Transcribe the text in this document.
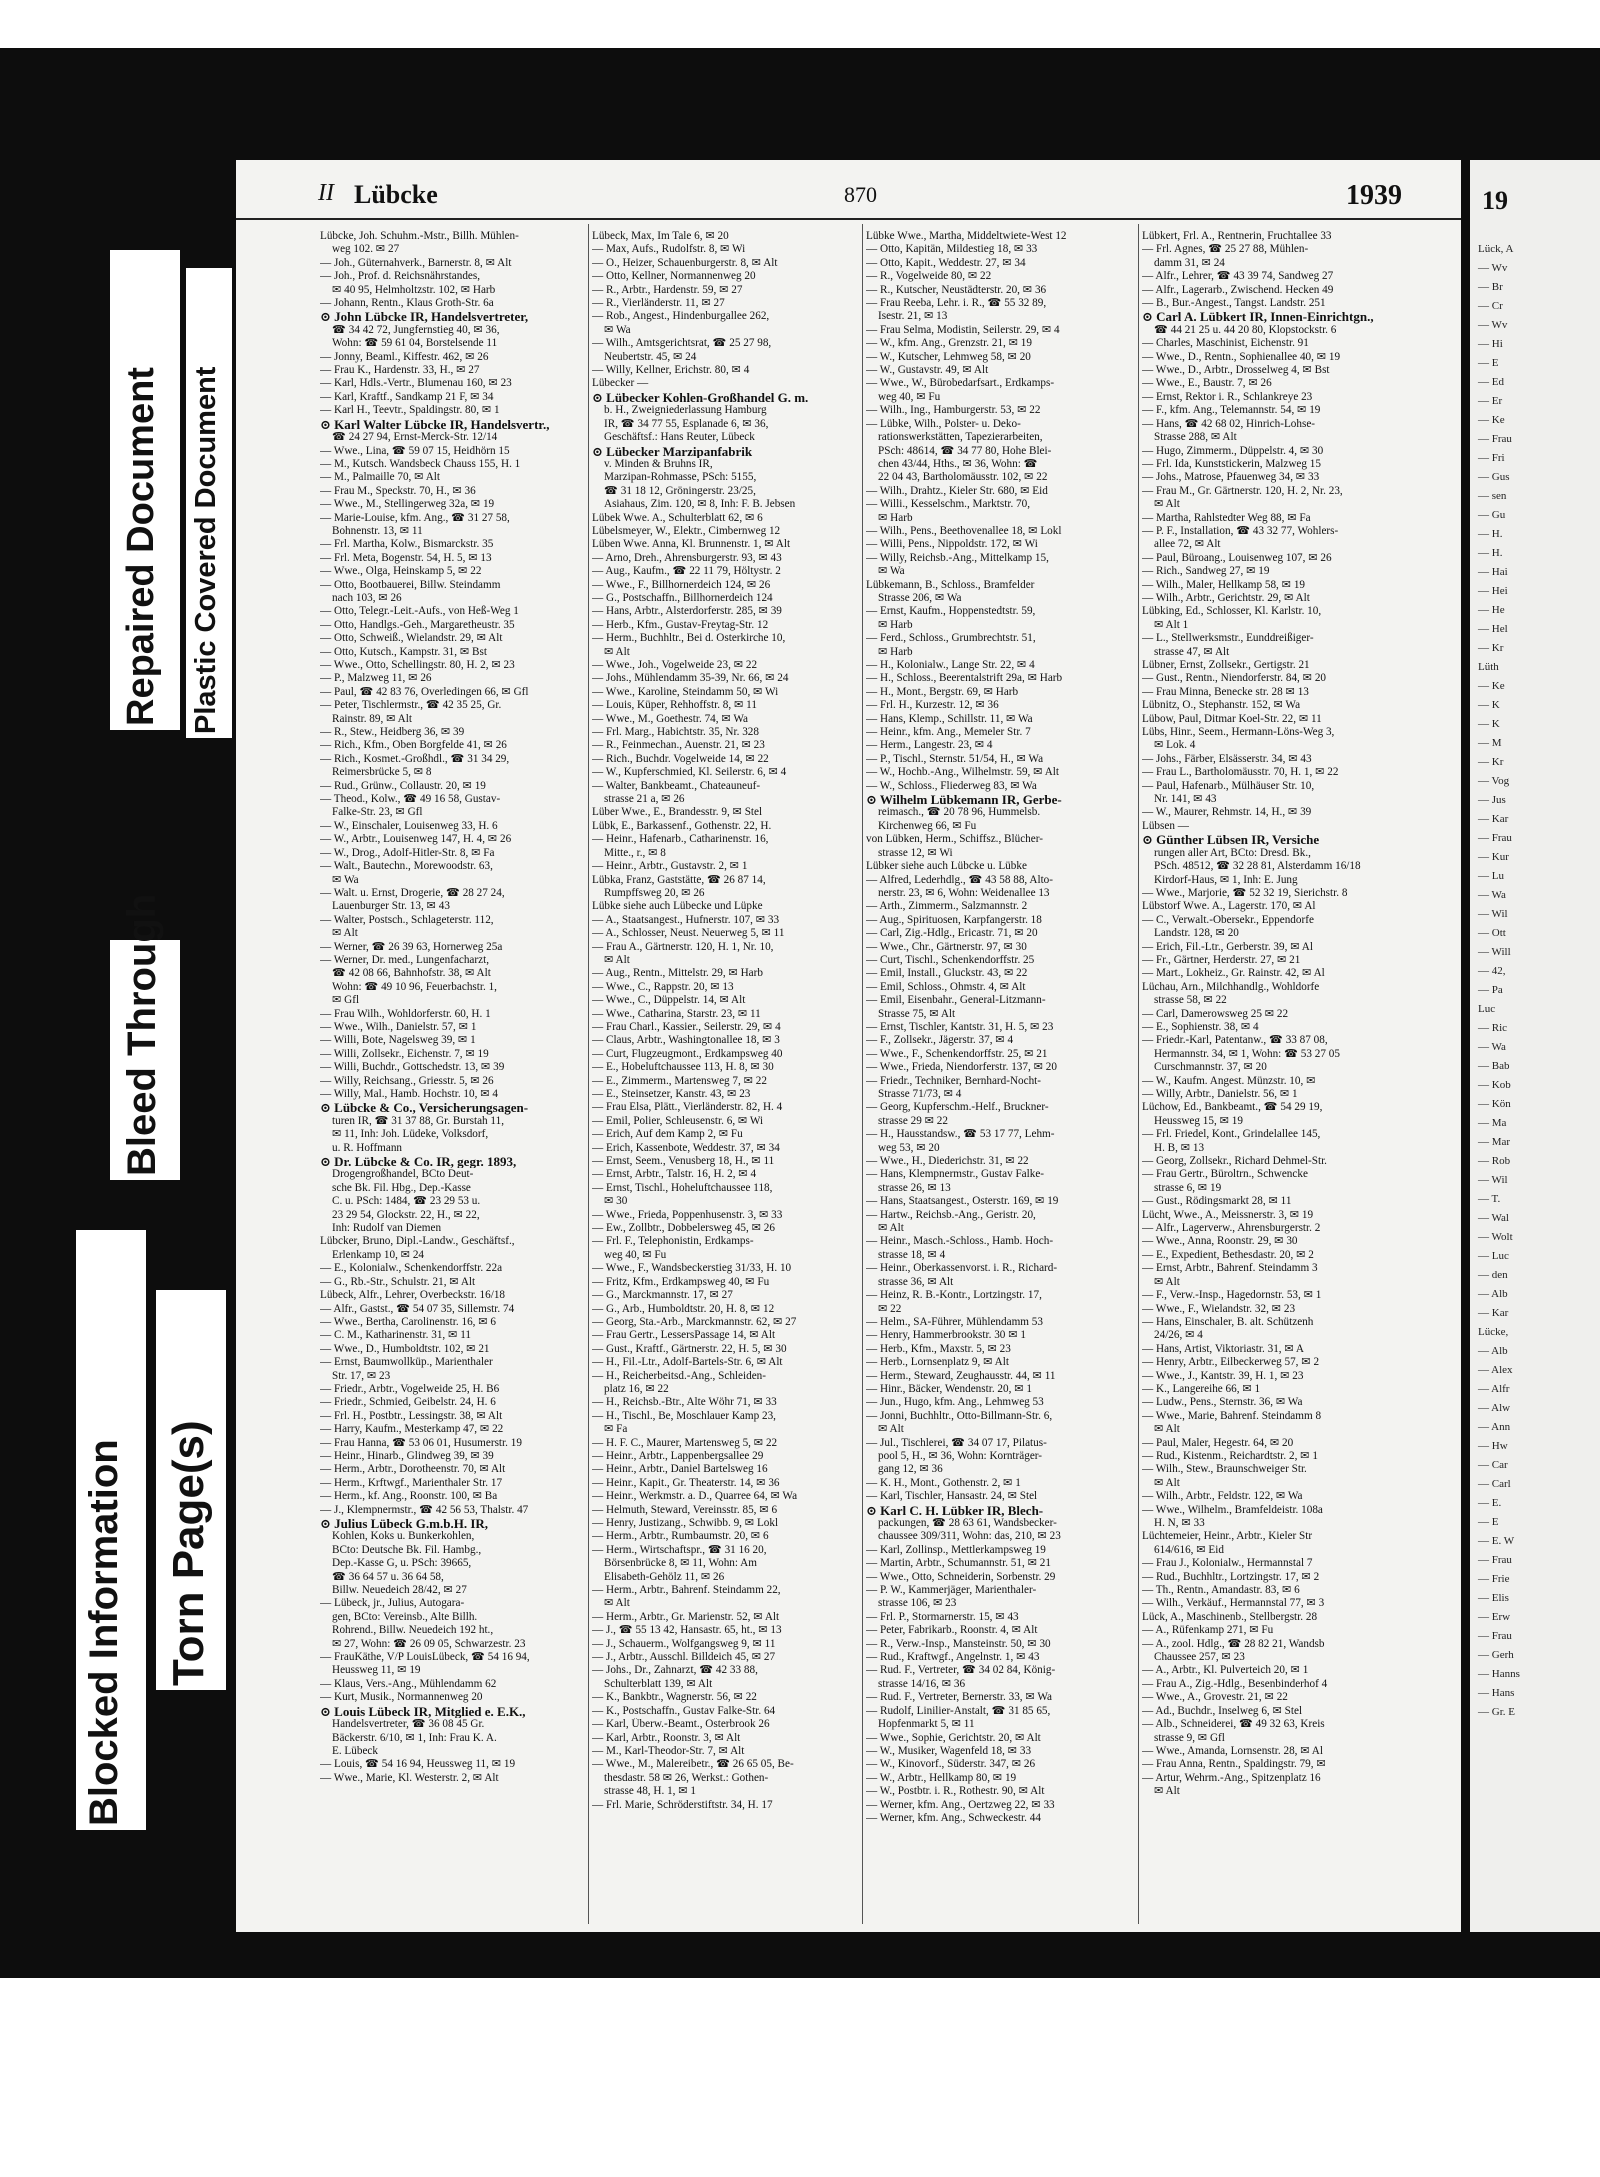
Blocked Information
Bleed Through
Repaired Document
Torn Page(s)
Plastic Covered Document
II Lübcke	870	1939
Lübcke, Joh. Schuhm.-Mstr., Billh. Mühlen-
weg 102. ✉ 27
— Joh., Güternahverk., Barnerstr. 8, ✉ Alt
— Joh., Prof. d. Reichsnährstandes,
✉ 40 95, Helmholtzstr. 102, ✉ Harb
— Johann, Rentn., Klaus Groth-Str. 6a
⊙ John Lübcke IR, Handelsvertreter,
☎ 34 42 72, Jungfernstieg 40, ✉ 36,
Wohn: ☎ 59 61 04, Borstelsende 11
— Jonny, Beaml., Kiffestr. 462, ✉ 26
— Frau K., Hardenstr. 33, H., ✉ 27
— Karl, Hdls.-Vertr., Blumenau 160, ✉ 23
— Karl, Kraftf., Sandkamp 21 F, ✉ 34
— Karl H., Teevtr., Spaldingstr. 80, ✉ 1
⊙ Karl Walter Lübcke IR, Handelsvertr.,
☎ 24 27 94, Ernst-Merck-Str. 12/14
— Wwe., Lina, ☎ 59 07 15, Heidhörn 15
— M., Kutsch. Wandsbeck Chauss 155, H. 1
— M., Palmaille 70, ✉ Alt
— Frau M., Speckstr. 70, H., ✉ 36
— Wwe., M., Stellingerweg 32a, ✉ 19
— Marie-Louise, kfm. Ang., ☎ 31 27 58,
Bohnenstr. 13, ✉ 11
— Frl. Martha, Kolw., Bismarckstr. 35
— Frl. Meta, Bogenstr. 54, H. 5, ✉ 13
— Wwe., Olga, Heinskamp 5, ✉ 22
— Otto, Bootbauerei, Billw. Steindamm
nach 103, ✉ 26
— Otto, Telegr.-Leit.-Aufs., von Heß-Weg 1
— Otto, Handlgs.-Geh., Margaretheustr. 35
— Otto, Schweiß., Wielandstr. 29, ✉ Alt
— Otto, Kutsch., Kampstr. 31, ✉ Bst
— Wwe., Otto, Schellingstr. 80, H. 2, ✉ 23
— P., Malzweg 11, ✉ 26
— Paul, ☎ 42 83 76, Overledingen 66, ✉ Gfl
— Peter, Tischlermstr., ☎ 42 35 25, Gr.
Rainstr. 89, ✉ Alt
— R., Stew., Heidberg 36, ✉ 39
— Rich., Kfm., Oben Borgfelde 41, ✉ 26
— Rich., Kosmet.-Großhdl., ☎ 31 34 29,
Reimersbrücke 5, ✉ 8
— Rud., Grünw., Collaustr. 20, ✉ 19
— Theod., Kolw., ☎ 49 16 58, Gustav-
Falke-Str. 23, ✉ Gfl
— W., Einschaler, Louisenweg 33, H. 6
— W., Arbtr., Louisenweg 147, H. 4, ✉ 26
— W., Drog., Adolf-Hitler-Str. 8, ✉ Fa
— Walt., Bautechn., Morewoodstr. 63,
✉ Wa
— Walt. u. Ernst, Drogerie, ☎ 28 27 24,
Lauenburger Str. 13, ✉ 43
— Walter, Postsch., Schlageterstr. 112,
✉ Alt
— Werner, ☎ 26 39 63, Hornerweg 25a
— Werner, Dr. med., Lungenfacharzt,
☎ 42 08 66, Bahnhofstr. 38, ✉ Alt
Wohn: ☎ 49 10 96, Feuerbachstr. 1,
✉ Gfl
— Frau Wilh., Wohldorferstr. 60, H. 1
— Wwe., Wilh., Danielstr. 57, ✉ 1
— Willi, Bote, Nagelsweg 39, ✉ 1
— Willi, Zollsekr., Eichenstr. 7, ✉ 19
— Willi, Buchdr., Gottschedstr. 13, ✉ 39
— Willy, Reichsang., Griesstr. 5, ✉ 26
— Willy, Mal., Hamb. Hochstr. 10, ✉ 4
⊙ Lübcke & Co., Versicherungsagen-
turen IR, ☎ 31 37 88, Gr. Burstah 11,
✉ 11, Inh: Joh. Lüdeke, Volksdorf,
u. R. Hoffmann
⊙ Dr. Lübcke & Co. IR, gegr. 1893,
Drogengroßhandel, BCto Deut-
sche Bk. Fil. Hbg., Dep.-Kasse
C. u. PSch: 1484, ☎ 23 29 53 u.
23 29 54, Glockstr. 22, H., ✉ 22,
Inh: Rudolf van Diemen
Lübcker, Bruno, Dipl.-Landw., Geschäftsf.,
Erlenkamp 10, ✉ 24
— E., Kolonialw., Schenkendorffstr. 22a
— G., Rb.-Str., Schulstr. 21, ✉ Alt
Lübeck, Alfr., Lehrer, Overbeckstr. 16/18
— Alfr., Gastst., ☎ 54 07 35, Sillemstr. 74
— Wwe., Bertha, Carolinenstr. 16, ✉ 6
— C. M., Katharinenstr. 31, ✉ 11
— Wwe., D., Humboldtstr. 102, ✉ 21
— Ernst, Baumwollküp., Marienthaler
Str. 17, ✉ 23
— Friedr., Arbtr., Vogelweide 25, H. B6
— Friedr., Schmied, Geibelstr. 24, H. 6
— Frl. H., Postbtr., Lessingstr. 38, ✉ Alt
— Harry, Kaufm., Mesterkamp 47, ✉ 22
— Frau Hanna, ☎ 53 06 01, Husumerstr. 19
— Heinr., Hinarb., Glindweg 39, ✉ 39
— Herm., Arbtr., Dorotheenstr. 70, ✉ Alt
— Herm., Krftwgf., Marienthaler Str. 17
— Herm., kf. Ang., Roonstr. 100, ✉ Ba
— J., Klempnermstr., ☎ 42 56 53, Thalstr. 47
⊙ Julius Lübeck G.m.b.H. IR,
Kohlen, Koks u. Bunkerkohlen,
BCto: Deutsche Bk. Fil. Hambg.,
Dep.-Kasse G, u. PSch: 39665,
☎ 36 64 57 u. 36 64 58,
Billw. Neuedeich 28/42, ✉ 27
— Lübeck, jr., Julius, Autogara-
gen, BCto: Vereinsb., Alte Billh.
Rohrend., Billw. Neuedeich 192 ht.,
✉ 27, Wohn: ☎ 26 09 05, Schwarzestr. 23
— FrauKäthe, V/P LouisLübeck, ☎ 54 16 94,
Heussweg 11, ✉ 19
— Klaus, Vers.-Ang., Mühlendamm 62
— Kurt, Musik., Normannenweg 20
⊙ Louis Lübeck IR, Mitglied e. E.K.,
Handelsvertreter, ☎ 36 08 45 Gr.
Bäckerstr. 6/10, ✉ 1, Inh: Frau K. A.
E. Lübeck
— Louis, ☎ 54 16 94, Heussweg 11, ✉ 19
— Wwe., Marie, Kl. Westerstr. 2, ✉ Alt
Lübeck, Max, Im Tale 6, ✉ 20
— Max, Aufs., Rudolfstr. 8, ✉ Wi
— O., Heizer, Schauenburgerstr. 8, ✉ Alt
— Otto, Kellner, Normannenweg 20
— R., Arbtr., Hardenstr. 59, ✉ 27
— R., Vierländerstr. 11, ✉ 27
— Rob., Angest., Hindenburgallee 262,
✉ Wa
— Wilh., Amtsgerichtsrat, ☎ 25 27 98,
Neubertstr. 45, ✉ 24
— Willy, Kellner, Erichstr. 80, ✉ 4
Lübecker —
⊙ Lübecker Kohlen-Großhandel G. m.
b. H., Zweigniederlassung Hamburg
IR, ☎ 34 77 55, Esplanade 6, ✉ 36,
Geschäftsf.: Hans Reuter, Lübeck
⊙ Lübecker Marzipanfabrik
v. Minden & Bruhns IR,
Marzipan-Rohmasse, PSch: 5155,
☎ 31 18 12, Gröningerstr. 23/25,
Asiahaus, Zim. 120, ✉ 8, Inh: F. B. Jebsen
Lübek Wwe. A., Schulterblatt 62, ✉ 6
Lübelsmeyer, W., Elektr., Cimbernweg 12
Lüben Wwe. Anna, Kl. Brunnenstr. 1, ✉ Alt
— Arno, Dreh., Ahrensburgerstr. 93, ✉ 43
— Aug., Kaufm., ☎ 22 11 79, Höltystr. 2
— Wwe., F., Billhornerdeich 124, ✉ 26
— G., Postschaffn., Billhornerdeich 124
— Hans, Arbtr., Alsterdorferstr. 285, ✉ 39
— Herb., Kfm., Gustav-Freytag-Str. 12
— Herm., Buchhltr., Bei d. Osterkirche 10,
✉ Alt
— Wwe., Joh., Vogelweide 23, ✉ 22
— Johs., Mühlendamm 35-39, Nr. 66, ✉ 24
— Wwe., Karoline, Steindamm 50, ✉ Wi
— Louis, Küper, Rehhoffstr. 8, ✉ 11
— Wwe., M., Goethestr. 74, ✉ Wa
— Frl. Marg., Habichtstr. 35, Nr. 328
— R., Feinmechan., Auenstr. 21, ✉ 23
— Rich., Buchdr. Vogelweide 14, ✉ 22
— W., Kupferschmied, Kl. Seilerstr. 6, ✉ 4
— Walter, Bankbeamt., Chateauneuf-
strasse 21 a, ✉ 26
Lüber Wwe., E., Brandesstr. 9, ✉ Stel
Lübk, E., Barkassenf., Gothenstr. 22, H.
— Heinr., Hafenarb., Catharinenstr. 16,
Mitte., r., ✉ 8
— Heinr., Arbtr., Gustavstr. 2, ✉ 1
Lübka, Franz, Gaststätte, ☎ 26 87 14,
Rumpffsweg 20, ✉ 26
Lübke siehe auch Lübecke und Lüpke
— A., Staatsangest., Hufnerstr. 107, ✉ 33
— A., Schlosser, Neust. Neuerweg 5, ✉ 11
— Frau A., Gärtnerstr. 120, H. 1, Nr. 10,
✉ Alt
— Aug., Rentn., Mittelstr. 29, ✉ Harb
— Wwe., C., Rappstr. 20, ✉ 13
— Wwe., C., Düppelstr. 14, ✉ Alt
— Wwe., Catharina, Starstr. 23, ✉ 11
— Frau Charl., Kassier., Seilerstr. 29, ✉ 4
— Claus, Arbtr., Washingtonallee 18, ✉ 3
— Curt, Flugzeugmont., Erdkampsweg 40
— E., Hobeluftchaussee 113, H. 8, ✉ 30
— E., Zimmerm., Martensweg 7, ✉ 22
— E., Steinsetzer, Kanstr. 43, ✉ 23
— Frau Elsa, Plätt., Vierländerstr. 82, H. 4
— Emil, Polier, Schleusenstr. 6, ✉ Wi
— Erich, Auf dem Kamp 2, ✉ Fu
— Erich, Kassenbote, Weddestr. 37, ✉ 34
— Ernst, Seem., Venusberg 18, H., ✉ 11
— Ernst, Arbtr., Talstr. 16, H. 2, ✉ 4
— Ernst, Tischl., Hoheluftchaussee 118,
✉ 30
— Wwe., Frieda, Poppenhusenstr. 3, ✉ 33
— Ew., Zollbtr., Dobbelersweg 45, ✉ 26
— Frl. F., Telephonistin, Erdkamps-
weg 40, ✉ Fu
— Wwe., F., Wandsbeckerstieg 31/33, H. 10
— Fritz, Kfm., Erdkampsweg 40, ✉ Fu
— G., Marckmannstr. 17, ✉ 27
— G., Arb., Humboldtstr. 20, H. 8, ✉ 12
— Georg, Sta.-Arb., Marckmannstr. 62, ✉ 27
— Frau Gertr., LessersPassage 14, ✉ Alt
— Gust., Kraftf., Gärtnerstr. 22, H. 5, ✉ 30
— H., Fil.-Ltr., Adolf-Bartels-Str. 6, ✉ Alt
— H., Reicherbeitsd.-Ang., Schleiden-
platz 16, ✉ 22
— H., Reichsb.-Btr., Alte Wöhr 71, ✉ 33
— H., Tischl., Be, Moschlauer Kamp 23,
✉ Fa
— H. F. C., Maurer, Martensweg 5, ✉ 22
— Heinr., Arbtr., Lappenbergsallee 29
— Heinr., Arbtr., Daniel Bartelsweg 16
— Heinr., Kapit., Gr. Theaterstr. 14, ✉ 36
— Heinr., Werkmstr. a. D., Quarree 64, ✉ Wa
— Helmuth, Steward, Vereinsstr. 85, ✉ 6
— Henry, Justizang., Schwibb. 9, ✉ Lokl
— Herm., Arbtr., Rumbaumstr. 20, ✉ 6
— Herm., Wirtschaftspr., ☎ 31 16 20,
Börsenbrücke 8, ✉ 11, Wohn: Am
Elisabeth-Gehölz 11, ✉ 26
— Herm., Arbtr., Bahrenf. Steindamm 22,
✉ Alt
— Herm., Arbtr., Gr. Marienstr. 52, ✉ Alt
— J., ☎ 55 13 42, Hansastr. 65, ht., ✉ 13
— J., Schauerm., Wolfgangsweg 9, ✉ 11
— J., Arbtr., Ausschl. Billdeich 45, ✉ 27
— Johs., Dr., Zahnarzt, ☎ 42 33 88,
Schulterblatt 139, ✉ Alt
— K., Bankbtr., Wagnerstr. 56, ✉ 22
— K., Postschaffn., Gustav Falke-Str. 64
— Karl, Überw.-Beamt., Osterbrook 26
— Karl, Arbtr., Roonstr. 3, ✉ Alt
— M., Karl-Theodor-Str. 7, ✉ Alt
— Wwe., M., Malereibetr., ☎ 26 65 05, Be-
thesdastr. 58 ✉ 26, Werkst.: Gothen-
strasse 48, H. 1, ✉ 1
— Frl. Marie, Schröderstiftstr. 34, H. 17
Lübke Wwe., Martha, Middeltwiete-West 12
— Otto, Kapitän, Mildestieg 18, ✉ 33
— Otto, Kapit., Weddestr. 27, ✉ 34
— R., Vogelweide 80, ✉ 22
— R., Kutscher, Neustädterstr. 20, ✉ 36
— Frau Reeba, Lehr. i. R., ☎ 55 32 89,
Isestr. 21, ✉ 13
— Frau Selma, Modistin, Seilerstr. 29, ✉ 4
— W., kfm. Ang., Grenzstr. 21, ✉ 19
— W., Kutscher, Lehmweg 58, ✉ 20
— W., Gustavstr. 49, ✉ Alt
— Wwe., W., Bürobedarfsart., Erdkamps-
weg 40, ✉ Fu
— Wilh., Ing., Hamburgerstr. 53, ✉ 22
— Lübke, Wilh., Polster- u. Deko-
rationswerkstätten, Tapezierarbeiten,
PSch: 48614, ☎ 34 77 80, Hohe Blei-
chen 43/44, Hths., ✉ 36, Wohn: ☎
22 04 43, Bartholomäusstr. 102, ✉ 22
— Wilh., Drahtz., Kieler Str. 680, ✉ Eid
— Willi., Kesselschm., Marktstr. 70,
✉ Harb
— Wilh., Pens., Beethovenallee 18, ✉ Lokl
— Willi, Pens., Nippoldstr. 172, ✉ Wi
— Willy, Reichsb.-Ang., Mittelkamp 15,
✉ Wa
Lübkemann, B., Schloss., Bramfelder
Strasse 206, ✉ Wa
— Ernst, Kaufm., Hoppenstedtstr. 59,
✉ Harb
— Ferd., Schloss., Grumbrechtstr. 51,
✉ Harb
— H., Kolonialw., Lange Str. 22, ✉ 4
— H., Schloss., Beerentalstrift 29a, ✉ Harb
— H., Mont., Bergstr. 69, ✉ Harb
— Frl. H., Kurzestr. 12, ✉ 36
— Hans, Klemp., Schillstr. 11, ✉ Wa
— Heinr., kfm. Ang., Memeler Str. 7
— Herm., Langestr. 23, ✉ 4
— P., Tischl., Sternstr. 51/54, H., ✉ Wa
— W., Hochb.-Ang., Wilhelmstr. 59, ✉ Alt
— W., Schloss., Fliederweg 83, ✉ Wa
⊙ Wilhelm Lübkemann IR, Gerbe-
reimasch., ☎ 20 78 96, Hummelsb.
Kirchenweg 66, ✉ Fu
von Lübken, Herm., Schiffsz., Blücher-
strasse 12, ✉ Wi
Lübker siehe auch Lübcke u. Lübke
— Alfred, Lederhdlg., ☎ 43 58 88, Alto-
nerstr. 23, ✉ 6, Wohn: Weidenallee 13
— Arth., Zimmerm., Salzmannstr. 2
— Aug., Spirituosen, Karpfangerstr. 18
— Carl, Zig.-Hdlg., Ericastr. 71, ✉ 20
— Wwe., Chr., Gärtnerstr. 97, ✉ 30
— Curt, Tischl., Schenkendorffstr. 25
— Emil, Install., Gluckstr. 43, ✉ 22
— Emil, Schloss., Ohmstr. 4, ✉ Alt
— Emil, Eisenbahr., General-Litzmann-
Strasse 75, ✉ Alt
— Ernst, Tischler, Kantstr. 31, H. 5, ✉ 23
— F., Zollsekr., Jägerstr. 37, ✉ 4
— Wwe., F., Schenkendorffstr. 25, ✉ 21
— Wwe., Frieda, Niendorferstr. 137, ✉ 20
— Friedr., Techniker, Bernhard-Nocht-
Strasse 71/73, ✉ 4
— Georg, Kupferschm.-Helf., Bruckner-
strasse 29 ✉ 22
— H., Hausstandsw., ☎ 53 17 77, Lehm-
weg 53, ✉ 20
— Wwe., H., Diederichstr. 31, ✉ 22
— Hans, Klempnermstr., Gustav Falke-
strasse 26, ✉ 13
— Hans, Staatsangest., Osterstr. 169, ✉ 19
— Hartw., Reichsb.-Ang., Geristr. 20,
✉ Alt
— Heinr., Masch.-Schloss., Hamb. Hoch-
strasse 18, ✉ 4
— Heinr., Oberkassenvorst. i. R., Richard-
strasse 36, ✉ Alt
— Heinz, R. B.-Kontr., Lortzingstr. 17,
✉ 22
— Helm., SA-Führer, Mühlendamm 53
— Henry, Hammerbrookstr. 30 ✉ 1
— Herb., Kfm., Maxstr. 5, ✉ 23
— Herb., Lornsenplatz 9, ✉ Alt
— Herm., Steward, Zeughausstr. 44, ✉ 11
— Hinr., Bäcker, Wendenstr. 20, ✉ 1
— Jun., Hugo, kfm. Ang., Lehmweg 53
— Jonni, Buchhltr., Otto-Billmann-Str. 6,
✉ Alt
— Jul., Tischlerei, ☎ 34 07 17, Pilatus-
pool 5, H., ✉ 36, Wohn: Kornträger-
gang 12, ✉ 36
— K. H., Mont., Gothenstr. 2, ✉ 1
— Karl, Tischler, Hansastr. 24, ✉ Stel
⊙ Karl C. H. Lübker IR, Blech-
packungen, ☎ 28 63 61, Wandsbecker-
chaussee 309/311, Wohn: das, 210, ✉ 23
— Karl, Zollinsp., Mettlerkampsweg 19
— Martin, Arbtr., Schumannstr. 51, ✉ 21
— Wwe., Otto, Schneiderin, Sorbenstr. 29
— P. W., Kammerjäger, Marienthaler-
strasse 106, ✉ 23
— Frl. P., Stormarnerstr. 15, ✉ 43
— Peter, Fabrikarb., Roonstr. 4, ✉ Alt
— R., Verw.-Insp., Mansteinstr. 50, ✉ 30
— Rud., Kraftwgf., Angelnstr. 1, ✉ 43
— Rud. F., Vertreter, ☎ 34 02 84, König-
strasse 14/16, ✉ 36
— Rud. F., Vertreter, Bernerstr. 33, ✉ Wa
— Rudolf, Linilier-Anstalt, ☎ 31 85 65,
Hopfenmarkt 5, ✉ 11
— Wwe., Sophie, Gerichtstr. 20, ✉ Alt
— W., Musiker, Wagenfeld 18, ✉ 33
— W., Kinovorf., Süderstr. 347, ✉ 26
— W., Arbtr., Hellkamp 80, ✉ 19
— W., Postbtr. i. R., Rothestr. 90, ✉ Alt
— Werner, kfm. Ang., Oertzweg 22, ✉ 33
— Werner, kfm. Ang., Schweckestr. 44
Lübkert, Frl. A., Rentnerin, Fruchtallee 33
— Frl. Agnes, ☎ 25 27 88, Mühlen-
damm 31, ✉ 24
— Alfr., Lehrer, ☎ 43 39 74, Sandweg 27
— Alfr., Lagerarb., Zwischend. Hecken 49
— B., Bur.-Angest., Tangst. Landstr. 251
⊙ Carl A. Lübkert IR, Innen-Einrichtgn.,
☎ 44 21 25 u. 44 20 80, Klopstockstr. 6
— Charles, Maschinist, Eichenstr. 91
— Wwe., D., Rentn., Sophienallee 40, ✉ 19
— Wwe., D., Arbtr., Drosselweg 4, ✉ Bst
— Wwe., E., Baustr. 7, ✉ 26
— Ernst, Rektor i. R., Schlankreye 23
— F., kfm. Ang., Telemannstr. 54, ✉ 19
— Hans, ☎ 42 68 02, Hinrich-Lohse-
Strasse 288, ✉ Alt
— Hugo, Zimmerm., Düppelstr. 4, ✉ 30
— Frl. Ida, Kunststickerin, Malzweg 15
— Johs., Matrose, Pfauenweg 34, ✉ 33
— Frau M., Gr. Gärtnerstr. 120, H. 2, Nr. 23,
✉ Alt
— Martha, Rahlstedter Weg 88, ✉ Fa
— P. F., Installation, ☎ 43 32 77, Wohlers-
allee 72, ✉ Alt
— Paul, Büroang., Louisenweg 107, ✉ 26
— Rich., Sandweg 27, ✉ 19
— Wilh., Maler, Hellkamp 58, ✉ 19
— Wilh., Arbtr., Gerichtstr. 29, ✉ Alt
Lübking, Ed., Schlosser, Kl. Karlstr. 10,
✉ Alt 1
— L., Stellwerksmstr., Eunddreißiger-
strasse 47, ✉ Alt
Lübner, Ernst, Zollsekr., Gertigstr. 21
— Gust., Rentn., Niendorferstr. 84, ✉ 20
— Frau Minna, Benecke str. 28 ✉ 13
Lübnitz, O., Stephanstr. 152, ✉ Wa
Lübow, Paul, Ditmar Koel-Str. 22, ✉ 11
Lübs, Hinr., Seem., Hermann-Löns-Weg 3,
✉ Lok. 4
— Johs., Färber, Elsässerstr. 34, ✉ 43
— Frau L., Bartholomäusstr. 70, H. 1, ✉ 22
— Paul, Hafenarb., Mülhäuser Str. 10,
Nr. 141, ✉ 43
— W., Maurer, Rehmstr. 14, H., ✉ 39
Lübsen —
⊙ Günther Lübsen IR, Versiche
rungen aller Art, BCto: Dresd. Bk.,
PSch. 48512, ☎ 32 28 81, Alsterdamm 16/18
Kirdorf-Haus, ✉ 1, Inh: E. Jung
— Wwe., Marjorie, ☎ 52 32 19, Sierichstr. 8
Lübstorf Wwe. A., Lagerstr. 170, ✉ Al
— C., Verwalt.-Obersekr., Eppendorfe
Landstr. 128, ✉ 20
— Erich, Fil.-Ltr., Gerberstr. 39, ✉ Al
— Fr., Gärtner, Herderstr. 27, ✉ 21
— Mart., Lokheiz., Gr. Rainstr. 42, ✉ Al
Lüchau, Arn., Milchhandlg., Wohldorfe
strasse 58, ✉ 22
— Carl, Damerowsweg 25 ✉ 22
— E., Sophienstr. 38, ✉ 4
— Friedr.-Karl, Patentanw., ☎ 33 87 08,
Hermannstr. 34, ✉ 1, Wohn: ☎ 53 27 05
Curschmannstr. 37, ✉ 20
— W., Kaufm. Angest. Münzstr. 10, ✉
— Willy, Arbtr., Danielstr. 56, ✉ 1
Lüchow, Ed., Bankbeamt., ☎ 54 29 19,
Heussweg 15, ✉ 19
— Frl. Friedel, Kont., Grindelallee 145,
H. B, ✉ 13
— Georg, Zollsekr., Richard Dehmel-Str.
— Frau Gertr., Büroltrn., Schwencke
strasse 6, ✉ 19
— Gust., Rödingsmarkt 28, ✉ 11
Lücht, Wwe., A., Meissnerstr. 3, ✉ 19
— Alfr., Lagerverw., Ahrensburgerstr. 2
— Wwe., Anna, Roonstr. 29, ✉ 30
— E., Expedient, Bethesdastr. 20, ✉ 2
— Ernst, Arbtr., Bahrenf. Steindamm 3
✉ Alt
— F., Verw.-Insp., Hagedornstr. 53, ✉ 1
— Wwe., F., Wielandstr. 32, ✉ 23
— Hans, Einschaler, B. alt. Schützenh
24/26, ✉ 4
— Hans, Artist, Viktoriastr. 31, ✉ A
— Henry, Arbtr., Eilbeckerweg 57, ✉ 2
— Wwe., J., Kantstr. 39, H. 1, ✉ 23
— K., Langereihe 66, ✉ 1
— Ludw., Pens., Sternstr. 36, ✉ Wa
— Wwe., Marie, Bahrenf. Steindamm 8
✉ Alt
— Paul, Maler, Hegestr. 64, ✉ 20
— Rud., Kistenm., Reichardtstr. 2, ✉ 1
— Wilh., Stew., Braunschweiger Str.
✉ Alt
— Wilh., Arbtr., Feldstr. 122, ✉ Wa
— Wwe., Wilhelm., Bramfeldeistr. 108a
H. N, ✉ 33
Lüchtemeier, Heinr., Arbtr., Kieler Str
614/616, ✉ Eid
— Frau J., Kolonialw., Hermannstal 7
— Rud., Buchhltr., Lortzingstr. 17, ✉ 2
— Th., Rentn., Amandastr. 83, ✉ 6
— Wilh., Verkäuf., Hermannstal 77, ✉ 3
Lück, A., Maschinenb., Stellbergstr. 28
— A., Rüfenkamp 271, ✉ Fu
— A., zool. Hdlg., ☎ 28 82 21, Wandsb
Chaussee 257, ✉ 23
— A., Arbtr., Kl. Pulverteich 20, ✉ 1
— Frau A., Zig.-Hdlg., Besenbinderhof 4
— Wwe., A., Grovestr. 21, ✉ 22
— Ad., Buchdr., Inselweg 6, ✉ Stel
— Alb., Schneiderei, ☎ 49 32 63, Kreis
strasse 9, ✉ Gfl
— Wwe., Amanda, Lornsenstr. 28, ✉ Al
— Frau Anna, Rentn., Spaldingstr. 79, ✉
— Artur, Wehrm.-Ang., Spitzenplatz 16
✉ Alt
19
Lück, A
— Wv
— Br
— Cr
— Wv
— Hi
— E
— Ed
— Er
— Ke
— Frau
— Fri
— Gus
— sen
— Gu
— H.
— H.
— Hai
— Hei
— He
— Hel
— Kr
Lüth
— Ke
— K
— K
— M
— Kr
— Vog
— Jus
— Kar
— Frau
— Kur
— Lu
— Wa
— Wil
— Ott
— Will
— 42,
— Pa
Luc
— Ric
— Wa
— Bab
— Kob
— Kön
— Ma
— Mar
— Rob
— Wil
— T.
— Wal
— Wolt
— Luc
— den
— Alb
— Kar
Lücke,
— Alb
— Alex
— Alfr
— Alw
— Ann
— Hw
— Car
— Carl
— E.
— E
— E. W
— Frau
— Frie
— Elis
— Erw
— Frau
— Gerh
— Hanns
— Hans
— Gr. E
